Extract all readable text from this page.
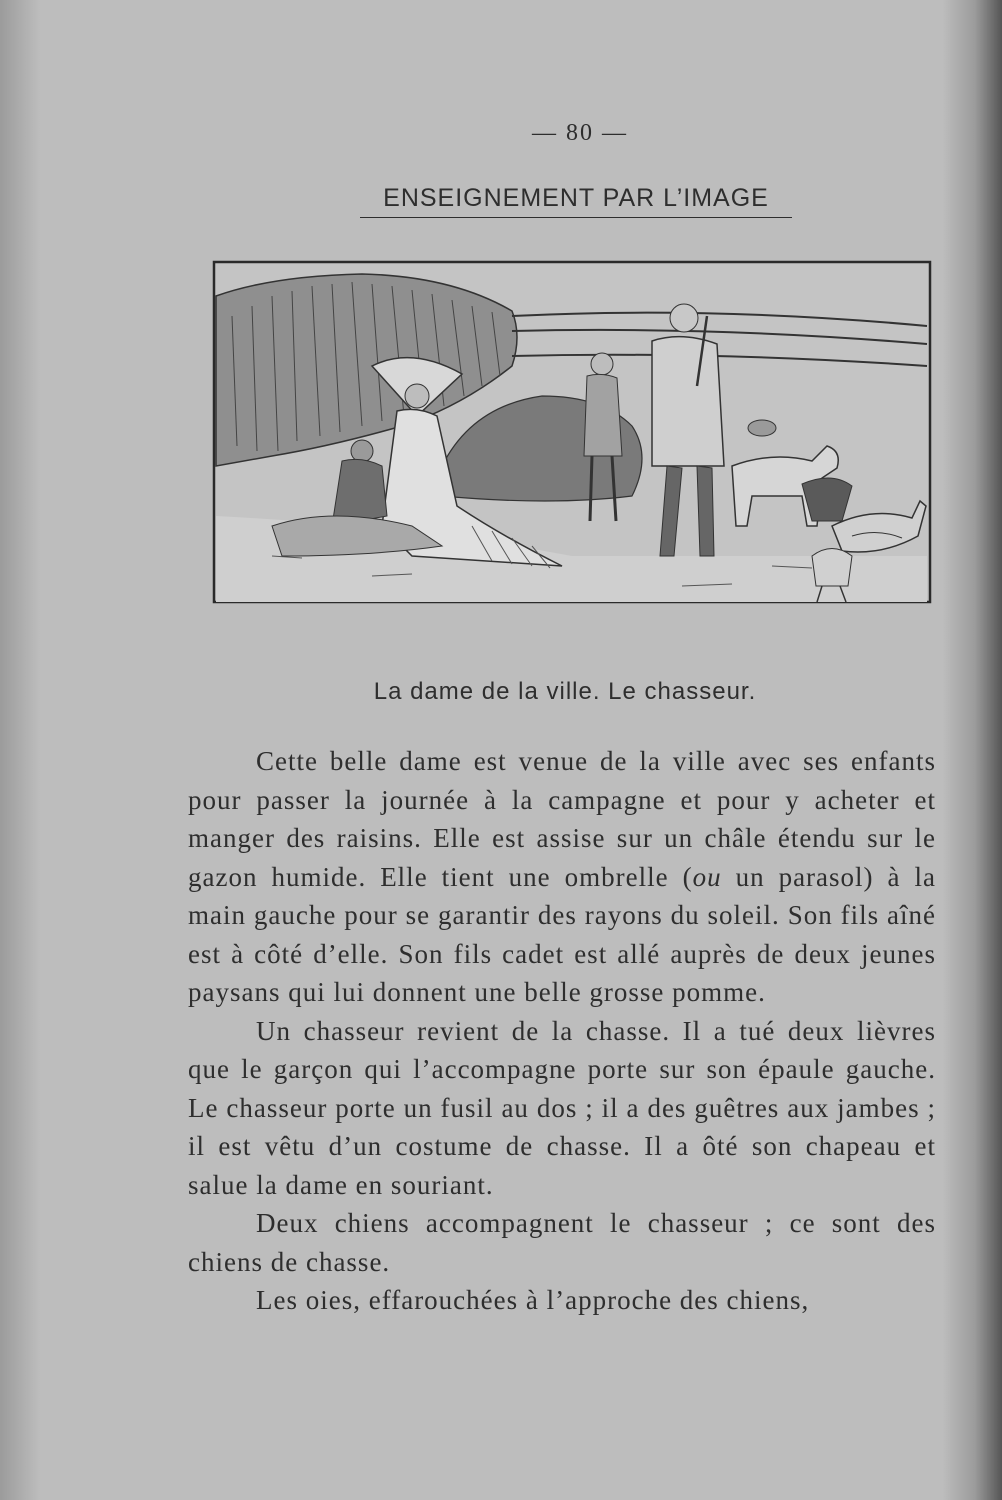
— 80 —
ENSEIGNEMENT PAR L’IMAGE
La dame de la ville. Le chasseur.

Cette belle dame est venue de la ville avec ses enfants pour passer la journée à la campagne et pour y acheter et manger des raisins. Elle est assise sur un châle étendu sur le gazon humide. Elle tient une ombrelle (ou un parasol) à la main gauche pour se garantir des rayons du soleil. Son fils aîné est à côté d’elle. Son fils cadet est allé auprès de deux jeunes paysans qui lui donnent une belle grosse pomme.

Un chasseur revient de la chasse. Il a tué deux lièvres que le garçon qui l’accompagne porte sur son épaule gauche. Le chasseur porte un fusil au dos ; il a des guêtres aux jambes ; il est vêtu d’un costume de chasse. Il a ôté son chapeau et salue la dame en souriant.

Deux chiens accompagnent le chasseur ; ce sont des chiens de chasse.

Les oies, effarouchées à l’approche des chiens,
